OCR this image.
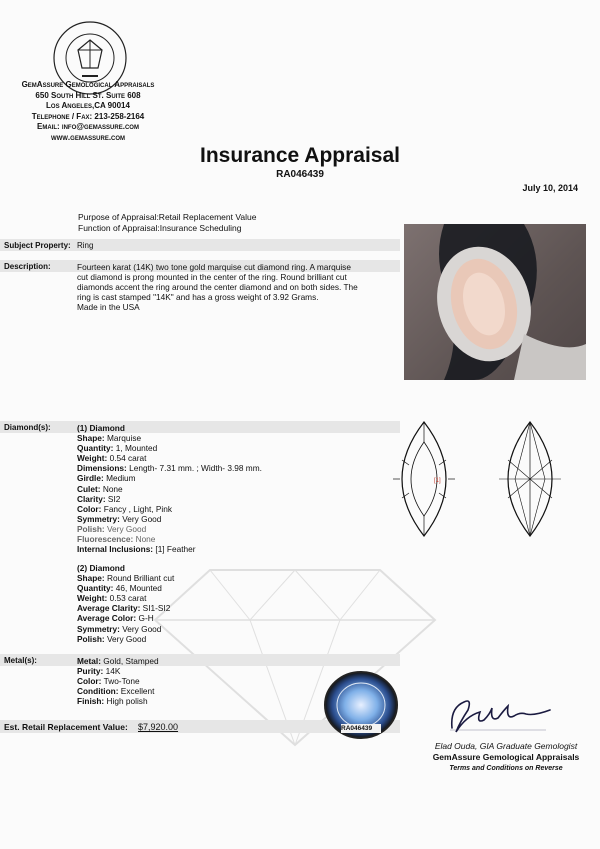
GemAssure Gemological Appraisals
650 South Hill St. Suite 608
Los Angeles,CA 90014
Telephone / Fax: 213-258-2164
Email: info@gemassure.com
www.gemassure.com
Insurance Appraisal
RA046439
July 10, 2014
Purpose of Appraisal:Retail Replacement Value
Function of Appraisal:Insurance Scheduling
Subject Property: Ring
Description:	Fourteen karat (14K) two tone gold marquise cut diamond ring. A marquise
cut diamond is prong mounted in the center of the ring. Round brilliant cut
diamonds accent the ring around the center diamond and on both sides. The
ring is cast stamped "14K" and has a gross weight of 3.92 Grams.
Made in the USA
Diamond(s):	(1) Diamond
Shape: Marquise
Quantity: 1, Mounted
Weight: 0.54 carat
Dimensions: Length- 7.31 mm. ; Width- 3.98 mm.
Girdle: Medium
Culet: None
Clarity: SI2
Color: Fancy , Light, Pink
Symmetry: Very Good
Polish: Very Good
Fluorescence: None
Internal Inclusions: [1] Feather
(2) Diamond
Shape: Round Brilliant cut
Quantity: 46, Mounted
Weight: 0.53 carat
Average Clarity: SI1-SI2
Average Color: G-H
Symmetry: Very Good
Polish: Very Good
[1]
Metal(s):	Metal: Gold, Stamped
Purity: 14K
Color: Two-Tone
Condition: Excellent
Finish: High polish
Est. Retail Replacement Value: $7,920.00	RA046439
Elad Ouda, GIA Graduate Gemologist
GemAssure Gemological Appraisals
Terms and Conditions on Reverse
